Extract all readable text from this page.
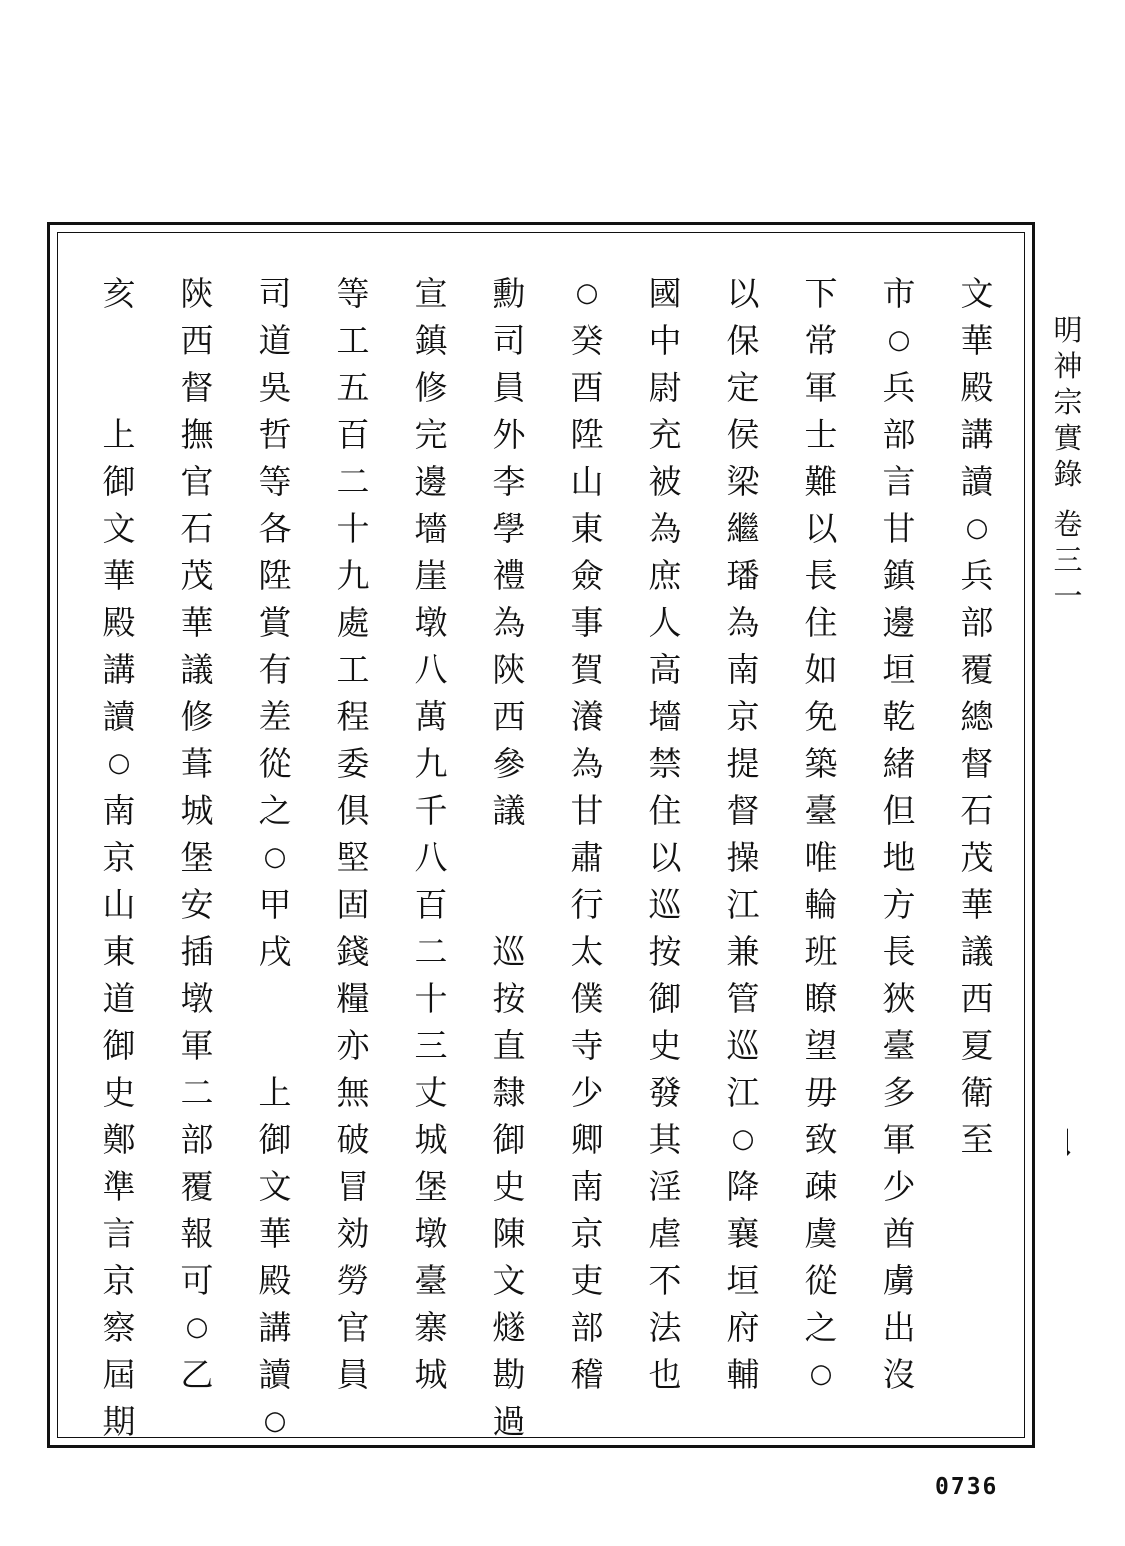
明
神
宗
實
錄
卷
三
一
一
文
華
殿
講
讀
○
兵
部
覆
總
督
石
茂
華
議
西
夏
衛
至
市
○
兵
部
言
甘
鎮
邊
垣
乾
緒
但
地
方
長
狹
臺
多
軍
少
酋
虜
出
沒
下
常
軍
士
難
以
長
住
如
免
築
臺
唯
輪
班
瞭
望
毋
致
疎
虞
從
之
○
以
保
定
侯
梁
繼
璠
為
南
京
提
督
操
江
兼
管
巡
江
○
降
襄
垣
府
輔
國
中
尉
充
被
為
庶
人
高
墻
禁
住
以
巡
按
御
史
發
其
淫
虐
不
法
也
○
癸
酉
陞
山
東
僉
事
賀
瀁
為
甘
肅
行
太
僕
寺
少
卿
南
京
吏
部
稽
勳
司
員
外
李
學
禮
為
陝
西
參
議

巡
按
直
隸
御
史
陳
文
燧
勘
過
宣
鎮
修
完
邊
墻
崖
墩
八
萬
九
千
八
百
二
十
三
丈
城
堡
墩
臺
寨
城
等
工
五
百
二
十
九
處
工
程
委
俱
堅
固
錢
糧
亦
無
破
冒
効
勞
官
員
司
道
吳
哲
等
各
陞
賞
有
差
從
之
○
甲
戌

上
御
文
華
殿
講
讀
○
陝
西
督
撫
官
石
茂
華
議
修
葺
城
堡
安
插
墩
軍
二
部
覆
報
可
○
乙
亥

上
御
文
華
殿
講
讀
○
南
京
山
東
道
御
史
鄭
準
言
京
察
屆
期
0736
